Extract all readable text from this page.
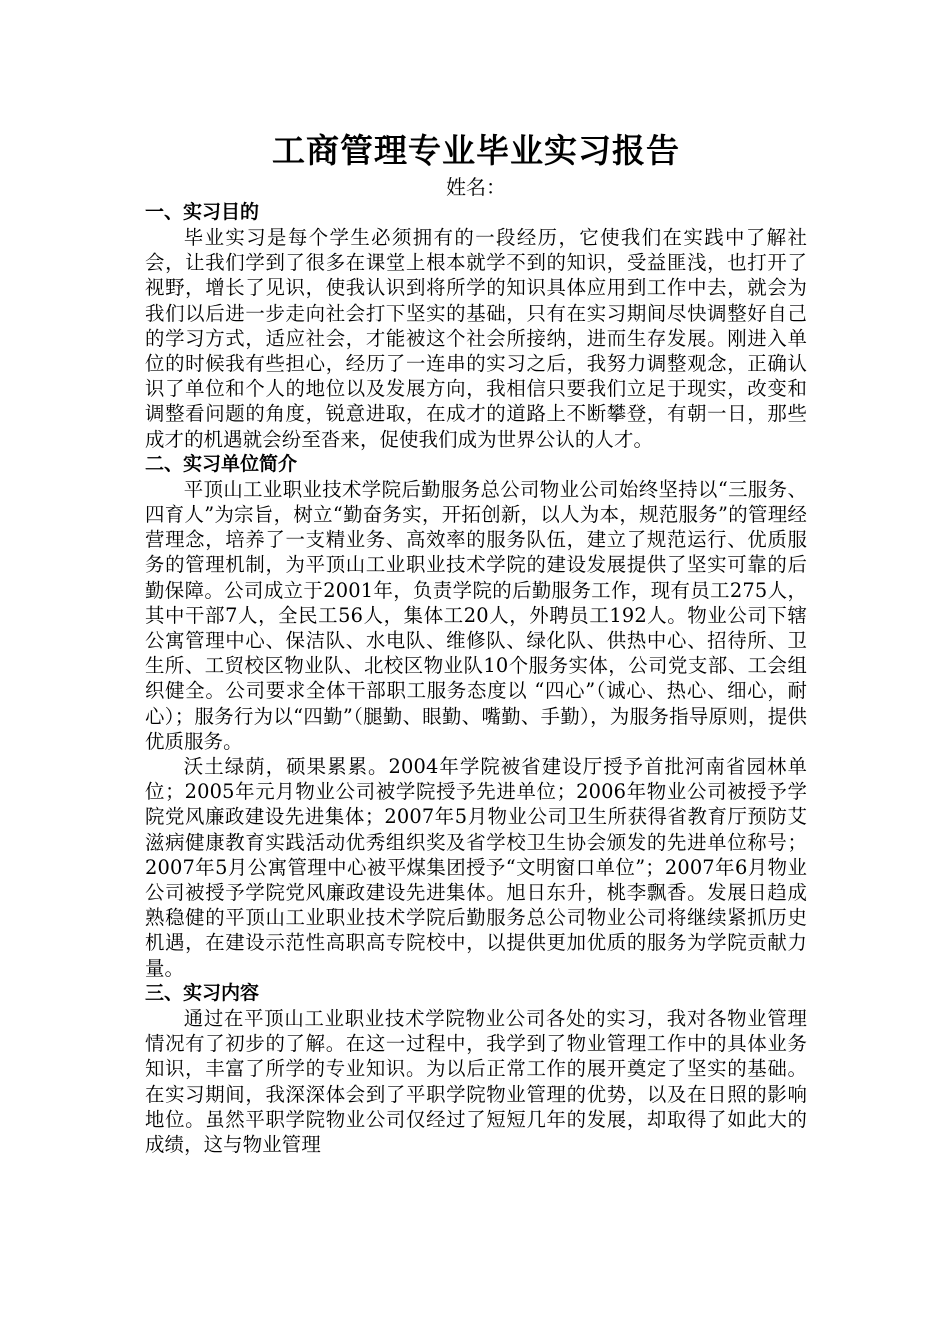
工商管理专业毕业实习报告

姓名：

一、实习目的

毕业实习是每个学生必须拥有的一段经历，它使我们在实践中了解社会，让我们学到了很多在课堂上根本就学不到的知识，受益匪浅，也打开了视野，增长了见识，使我认识到将所学的知识具体应用到工作中去，就会为我们以后进一步走向社会打下坚实的基础，只有在实习期间尽快调整好自己的学习方式，适应社会，才能被这个社会所接纳，进而生存发展。刚进入单位的时候我有些担心，经历了一连串的实习之后，我努力调整观念，正确认识了单位和个人的地位以及发展方向，我相信只要我们立足于现实，改变和调整看问题的角度，锐意进取，在成才的道路上不断攀登，有朝一日，那些成才的机遇就会纷至沓来，促使我们成为世界公认的人才。

二、实习单位简介

平顶山工业职业技术学院后勤服务总公司物业公司始终坚持以“三服务、四育人”为宗旨，树立“勤奋务实，开拓创新，以人为本，规范服务”的管理经营理念，培养了一支精业务、高效率的服务队伍，建立了规范运行、优质服务的管理机制，为平顶山工业职业技术学院的建设发展提供了坚实可靠的后勤保障。公司成立于2001年，负责学院的后勤服务工作，现有员工275人，其中干部7人，全民工56人，集体工20人，外聘员工192人。物业公司下辖公寓管理中心、保洁队、水电队、维修队、绿化队、供热中心、招待所、卫生所、工贸校区物业队、北校区物业队10个服务实体，公司党支部、工会组织健全。公司要求全体干部职工服务态度以 “四心”（诚心、热心、细心，耐心）；服务行为以“四勤”（腿勤、眼勤、嘴勤、手勤），为服务指导原则，提供优质服务。

沃土绿荫，硕果累累。2004年学院被省建设厅授予首批河南省园林单位；2005年元月物业公司被学院授予先进单位；2006年物业公司被授予学院党风廉政建设先进集体；2007年5月物业公司卫生所获得省教育厅预防艾滋病健康教育实践活动优秀组织奖及省学校卫生协会颁发的先进单位称号；2007年5月公寓管理中心被平煤集团授予“文明窗口单位”；2007年6月物业公司被授予学院党风廉政建设先进集体。旭日东升，桃李飘香。发展日趋成熟稳健的平顶山工业职业技术学院后勤服务总公司物业公司将继续紧抓历史机遇，在建设示范性高职高专院校中，以提供更加优质的服务为学院贡献力量。

三、实习内容

通过在平顶山工业职业技术学院物业公司各处的实习，我对各物业管理情况有了初步的了解。在这一过程中，我学到了物业管理工作中的具体业务知识，丰富了所学的专业知识。为以后正常工作的展开奠定了坚实的基础。在实习期间，我深深体会到了平职学院物业管理的优势，以及在日照的影响地位。虽然平职学院物业公司仅经过了短短几年的发展，却取得了如此大的成绩，这与物业管理
